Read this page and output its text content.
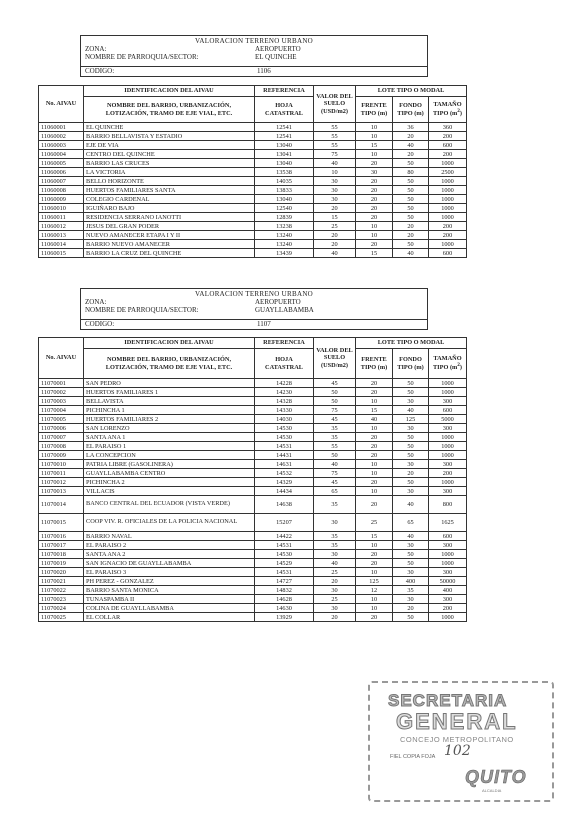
VALORACION TERRENO URBANO
ZONA:	AEROPUERTO
NOMBRE DE PARROQUIA/SECTOR:	EL QUINCHE
CODIGO:	1106
No. AIVAU	IDENTIFICACION DEL AIVAU	REFERENCIA	VALOR DEL SUELO (USD/m2)	LOTE TIPO O MODAL		
	NOMBRE DEL BARRIO, URBANIZACIÓN, LOTIZACIÓN, TRAMO DE EJE VIAL, ETC.	HOJA CATASTRAL		FRENTE TIPO (m)	FONDO TIPO (m)	TAMAÑO TIPO $(m^2)$
11060001	EL QUINCHE	12541	55	10	36	360
11060002	BARRIO BELLAVISTA Y ESTADIO	12541	55	10	20	200
11060003	EJE DE VIA	13040	55	15	40	600
11060004	CENTRO DEL QUINCHE	13041	75	10	20	200
11060005	BARRIO LAS CRUCES	13040	40	20	50	1000
11060006	LA VICTORIA	13538	10	30	80	2500
11060007	BELLO HORIZONTE	14035	30	20	50	1000
11060008	HUERTOS FAMILIARES SANTA	13833	30	20	50	1000
11060009	COLEGIO CARDENAL	13040	30	20	50	1000
11060010	IGUIÑARO BAJO	12540	20	20	50	1000
11060011	RESIDENCIA SERRANO IANOTTI	12839	15	20	50	1000
11060012	JESUS DEL GRAN PODER	13238	25	10	20	200
11060013	NUEVO AMANECER ETAPA I Y II	13240	20	10	20	200
11060014	BARRIO NUEVO AMANECER	13240	20	20	50	1000
11060015	BARRIO LA CRUZ DEL QUINCHE	13439	40	15	40	600
VALORACION TERRENO URBANO
ZONA:	AEROPUERTO
NOMBRE DE PARROQUIA/SECTOR:	GUAYLLABAMBA
CODIGO:	1107
No. AIVAU	IDENTIFICACION DEL AIVAU	REFERENCIA	VALOR DEL SUELO (USD/m2)	LOTE TIPO O MODAL		
	NOMBRE DEL BARRIO, URBANIZACIÓN, LOTIZACIÓN, TRAMO DE EJE VIAL, ETC.	HOJA CATASTRAL		FRENTE TIPO (m)	FONDO TIPO (m)	TAMAÑO TIPO $(m^2)$
11070001	SAN PEDRO	14228	45	20	50	1000
11070002	HUERTOS FAMILIARES 1	14230	50	20	50	1000
11070003	BELLAVISTA	14328	50	10	30	300
11070004	PICHINCHA 1	14330	75	15	40	600
11070005	HUERTOS FAMILIARES 2	14030	45	40	125	5000
11070006	SAN LORENZO	14530	35	10	30	300
11070007	SANTA ANA 1	14530	35	20	50	1000
11070008	EL PARAISO 1	14531	55	20	50	1000
11070009	LA CONCEPCION	14431	50	20	50	1000
11070010	PATRIA LIBRE (GASOLINERA)	14631	40	10	30	300
11070011	GUAYLLABAMBA CENTRO	14532	75	10	20	200
11070012	PICHINCHA 2	14329	45	20	50	1000
11070013	VILLACIS	14434	65	10	30	300
11070014	BANCO CENTRAL DEL ECUADOR (VISTA VERDE)	14638	35	20	40	800
11070015	COOP VIV. R. OFICIALES DE LA POLICIA NACIONAL	15207	30	25	65	1625
11070016	BARRIO NAVAL	14422	35	15	40	600
11070017	EL PARAISO 2	14531	35	10	30	300
11070018	SANTA ANA 2	14530	30	20	50	1000
11070019	SAN IGNACIO DE GUAYLLABAMBA	14529	40	20	50	1000
11070020	EL PARAISO 3	14531	25	10	30	300
11070021	PH PEREZ - GONZALEZ	14727	20	125	400	50000
11070022	BARRIO SANTA MONICA	14832	30	12	35	400
11070023	TUNASPAMBA II	14628	25	10	30	300
11070024	COLINA DE GUAYLLABAMBA	14630	30	10	20	200
11070025	EL COLLAR	13929	20	20	50	1000
SECRETARIA
GENERAL
CONCEJO METROPOLITANO
FIEL COPIA FOJA 102
QUITO
ALCALDIA
